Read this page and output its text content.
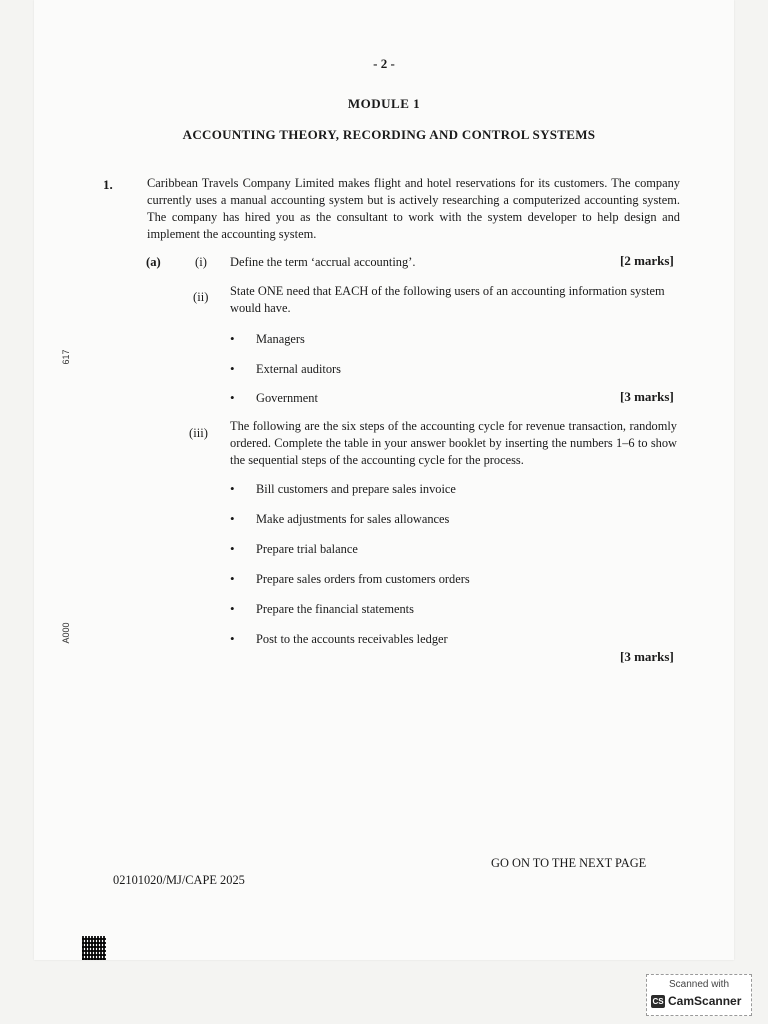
- 2 -
MODULE 1
ACCOUNTING THEORY, RECORDING AND CONTROL SYSTEMS
1.	Caribbean Travels Company Limited makes flight and hotel reservations for its customers. The company currently uses a manual accounting system but is actively researching a computerized accounting system. The company has hired you as the consultant to work with the system developer to help design and implement the accounting system.
(a)	(i) Define the term ‘accrual accounting’.	[2 marks]
(ii) State ONE need that EACH of the following users of an accounting information system would have.
• Managers
• External auditors
• Government	[3 marks]
(iii) The following are the six steps of the accounting cycle for revenue transaction, randomly ordered. Complete the table in your answer booklet by inserting the numbers 1–6 to show the sequential steps of the accounting cycle for the process.
• Bill customers and prepare sales invoice
• Make adjustments for sales allowances
• Prepare trial balance
• Prepare sales orders from customers orders
• Prepare the financial statements
• Post to the accounts receivables ledger
[3 marks]
617
A000
GO ON TO THE NEXT PAGE
02101020/MJ/CAPE 2025
Scanned with
CS CamScanner
